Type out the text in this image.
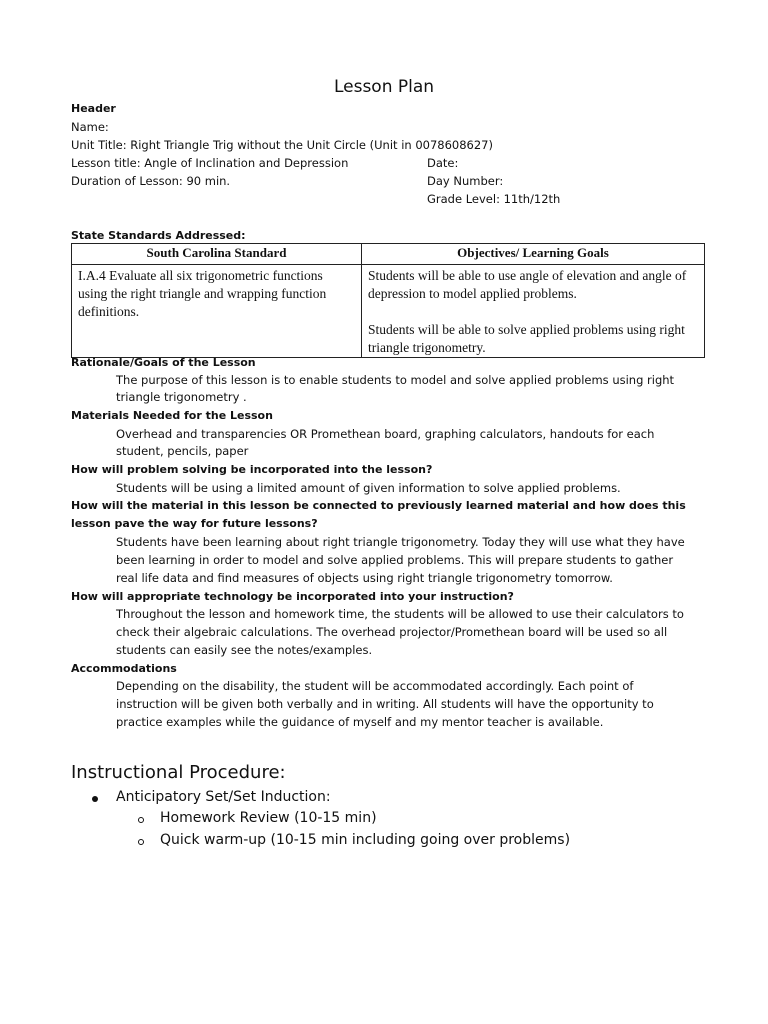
Lesson Plan
Header
Name:
Unit Title: Right Triangle Trig without the Unit Circle (Unit in 0078608627)
Lesson title: Angle of Inclination and Depression	Date:
Duration of Lesson: 90 min.	Day Number:
Grade Level: 11th/12th
State Standards Addressed:
South Carolina Standard	Objectives/ Learning Goals

I.A.4 Evaluate all six trigonometric functions using the right triangle and wrapping function definitions.	Students will be able to use angle of elevation and angle of depression to model applied problems.

Students will be able to solve applied problems using right triangle trigonometry.

Rationale/Goals of the Lesson
The purpose of this lesson is to enable students to model and solve applied problems using right
triangle trigonometry .
Materials Needed for the Lesson
Overhead and transparencies OR Promethean board, graphing calculators, handouts for each
student, pencils, paper
How will problem solving be incorporated into the lesson?
Students will be using a limited amount of given information to solve applied problems.
How will the material in this lesson be connected to previously learned material and how does this
lesson pave the way for future lessons?
Students have been learning about right triangle trigonometry. Today they will use what they have
been learning in order to model and solve applied problems. This will prepare students to gather
real life data and find measures of objects using right triangle trigonometry tomorrow.
How will appropriate technology be incorporated into your instruction?
Throughout the lesson and homework time, the students will be allowed to use their calculators to
check their algebraic calculations. The overhead projector/Promethean board will be used so all
students can easily see the notes/examples.
Accommodations
Depending on the disability, the student will be accommodated accordingly. Each point of
instruction will be given both verbally and in writing. All students will have the opportunity to
practice examples while the guidance of myself and my mentor teacher is available.
Instructional Procedure:
Anticipatory Set/Set Induction:
Homework Review (10-15 min)
Quick warm-up (10-15 min including going over problems)
